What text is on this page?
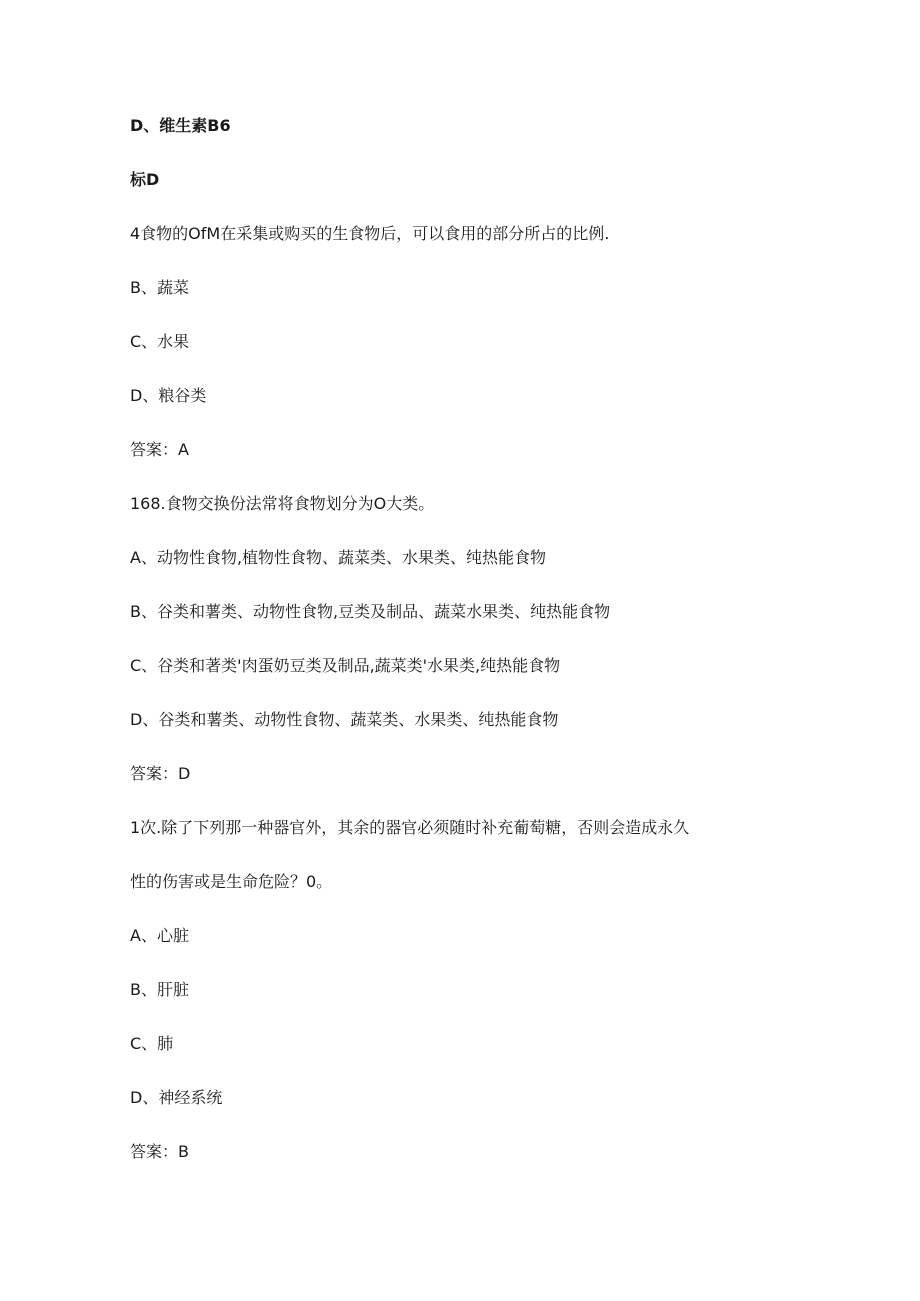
D、维生素B6
标D
4食物的OfM在采集或购买的生食物后，可以食用的部分所占的比例.
B、蔬菜
C、水果
D、粮谷类
答案：A
168.食物交换份法常将食物划分为O大类。
A、动物性食物,植物性食物、蔬菜类、水果类、纯热能食物
B、谷类和薯类、动物性食物,豆类及制品、蔬菜水果类、纯热能食物
C、谷类和著类'肉蛋奶豆类及制品,蔬菜类'水果类,纯热能食物
D、谷类和薯类、动物性食物、蔬菜类、水果类、纯热能食物
答案：D
1次.除了下列那一种器官外，其余的器官必须随时补充葡萄糖，否则会造成永久
性的伤害或是生命危险？0。
A、心脏
B、肝脏
C、肺
D、神经系统
答案：B
